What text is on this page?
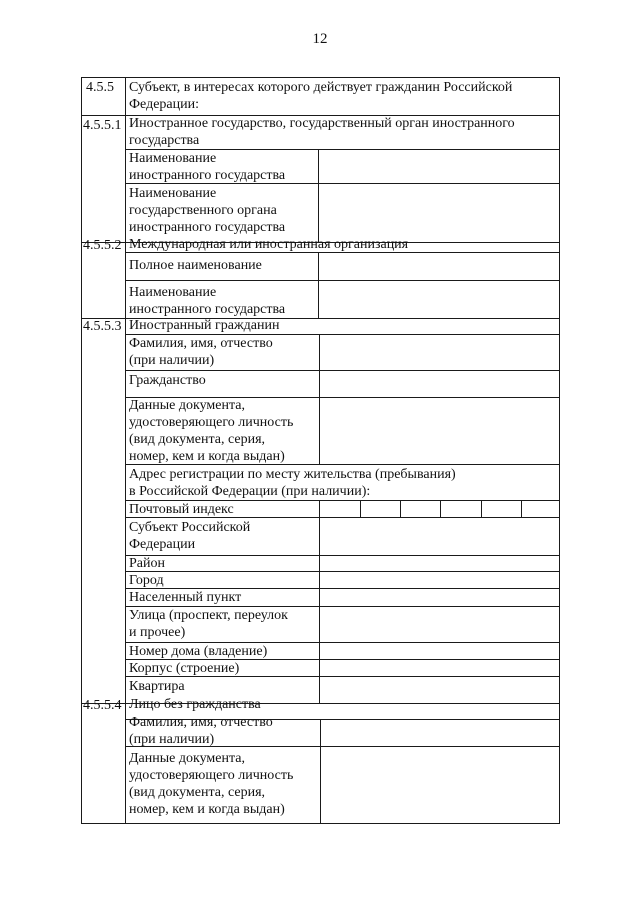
12
4.5.5 Субъект, в интересах которого действует гражданин Российской
Федерации:
4.5.5.1 Иностранное государство, государственный орган иностранного
государства
Наименование
иностранного государства
Наименование
государственного органа
иностранного государства
4.5.5.2 Международная или иностранная организация
Полное наименование
Наименование
иностранного государства
4.5.5.3 Иностранный гражданин
Фамилия, имя, отчество
(при наличии)
Гражданство
Данные документа,
удостоверяющего личность
(вид документа, серия,
номер, кем и когда выдан)
Адрес регистрации по месту жительства (пребывания)
в Российской Федерации (при наличии):
Почтовый индекс
Субъект Российской
Федерации
Район
Город
Населенный пункт
Улица (проспект, переулок
и прочее)
Номер дома (владение)
Корпус (строение)
Квартира
4.5.5.4 Лицо без гражданства
Фамилия, имя, отчество
(при наличии)
Данные документа,
удостоверяющего личность
(вид документа, серия,
номер, кем и когда выдан)
